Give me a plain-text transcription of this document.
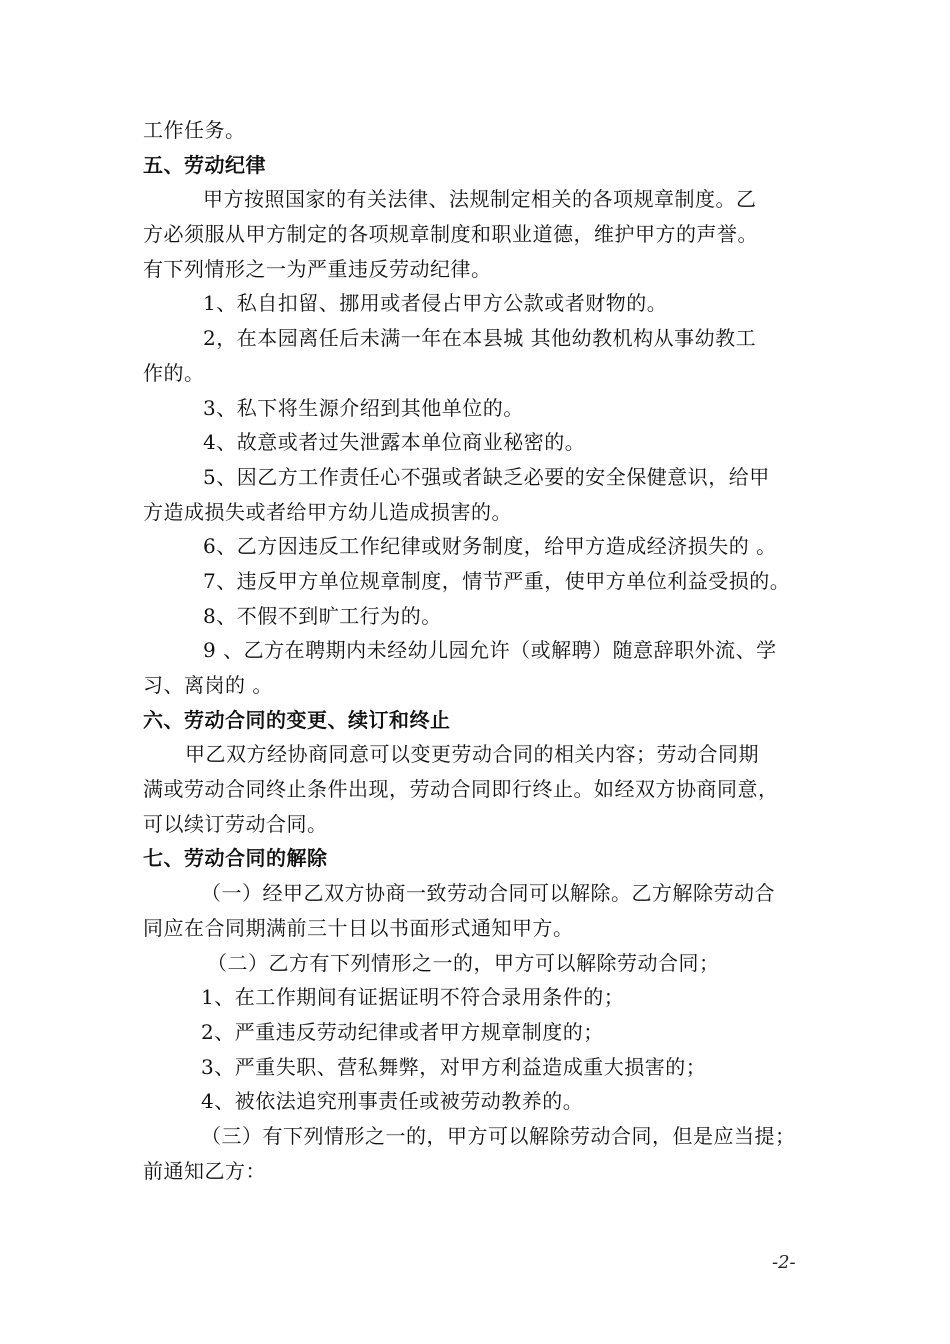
工作任务。
五、劳动纪律
甲方按照国家的有关法律、法规制定相关的各项规章制度。乙
方必须服从甲方制定的各项规章制度和职业道德，维护甲方的声誉。
有下列情形之一为严重违反劳动纪律。
1、私自扣留、挪用或者侵占甲方公款或者财物的。
2，在本园离任后未满一年在本县城 其他幼教机构从事幼教工
作的。
3、私下将生源介绍到其他单位的。
4、故意或者过失泄露本单位商业秘密的。
5、因乙方工作责任心不强或者缺乏必要的安全保健意识，给甲
方造成损失或者给甲方幼儿造成损害的。
6、乙方因违反工作纪律或财务制度，给甲方造成经济损失的 。
7、违反甲方单位规章制度，情节严重，使甲方单位利益受损的。
8、不假不到旷工行为的。
9 、乙方在聘期内未经幼儿园允许（或解聘）随意辞职外流、学
习、离岗的 。
六、劳动合同的变更、续订和终止
甲乙双方经协商同意可以变更劳动合同的相关内容；劳动合同期
满或劳动合同终止条件出现，劳动合同即行终止。如经双方协商同意，
可以续订劳动合同。
七、劳动合同的解除
（一）经甲乙双方协商一致劳动合同可以解除。乙方解除劳动合
同应在合同期满前三十日以书面形式通知甲方。
（二）乙方有下列情形之一的，甲方可以解除劳动合同；
1、在工作期间有证据证明不符合录用条件的；
2、严重违反劳动纪律或者甲方规章制度的；
3、严重失职、营私舞弊，对甲方利益造成重大损害的；
4、被依法追究刑事责任或被劳动教养的。
（三）有下列情形之一的，甲方可以解除劳动合同，但是应当提；
前通知乙方：
-2-
